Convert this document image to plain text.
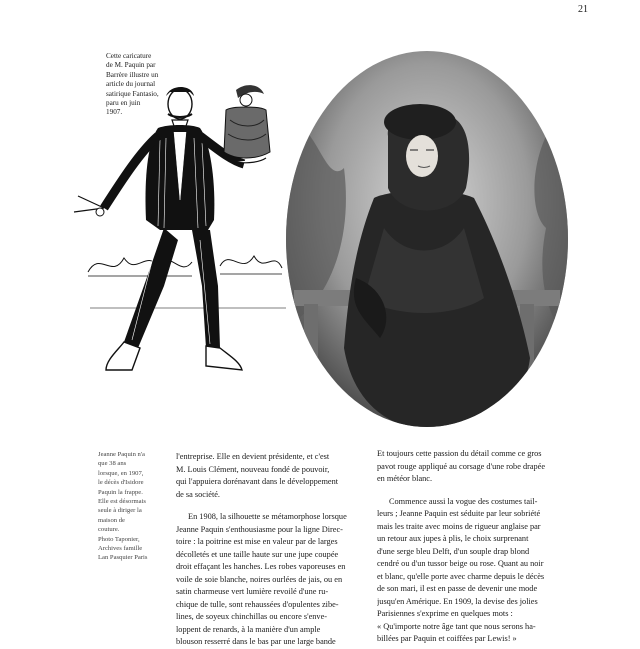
21
Cette caricature
de M. Paquin par
Barrère illustre un
article du journal
satirique Fantasio,
paru en juin
1907.
Jeanne Paquin n'a
que 38 ans
lorsque, en 1907,
le décès d'Isidore
Paquin la frappe.
Elle est désormais
seule à diriger la
maison de
couture.
Photo Taponier,
Archives famille
Lan Pasquier Paris
l'entreprise. Elle en devient présidente, et c'est
M. Louis Clément, nouveau fondé de pouvoir,
qui l'appuiera dorénavant dans le développement
de sa société.
En 1908, la silhouette se métamorphose lorsque
Jeanne Paquin s'enthousiasme pour la ligne Direc-
toire : la poitrine est mise en valeur par de larges
décolletés et une taille haute sur une jupe coupée
droit effaçant les hanches. Les robes vaporeuses en
voile de soie blanche, noires ourlées de jais, ou en
satin charmeuse vert lumière revoilé d'une ru-
chique de tulle, sont rehaussées d'opulentes zibe-
lines, de soyeux chinchillas ou encore s'enve-
loppent de renards, à la manière d'un ample
blouson resserré dans le bas par une large bande
Et toujours cette passion du détail comme ce gros
pavot rouge appliqué au corsage d'une robe drapée
en météor blanc.
Commence aussi la vogue des costumes tail-
leurs ; Jeanne Paquin est séduite par leur sobriété
mais les traite avec moins de rigueur anglaise par
un retour aux jupes à plis, le choix surprenant
d'une serge bleu Delft, d'un souple drap blond
cendré ou d'un tussor beige ou rose. Quant au noir
et blanc, qu'elle porte avec charme depuis le décès
de son mari, il est en passe de devenir une mode
jusqu'en Amérique. En 1909, la devise des jolies
Parisiennes s'exprime en quelques mots :
« Qu'importe notre âge tant que nous serons ha-
billées par Paquin et coiffées par Lewis! »
